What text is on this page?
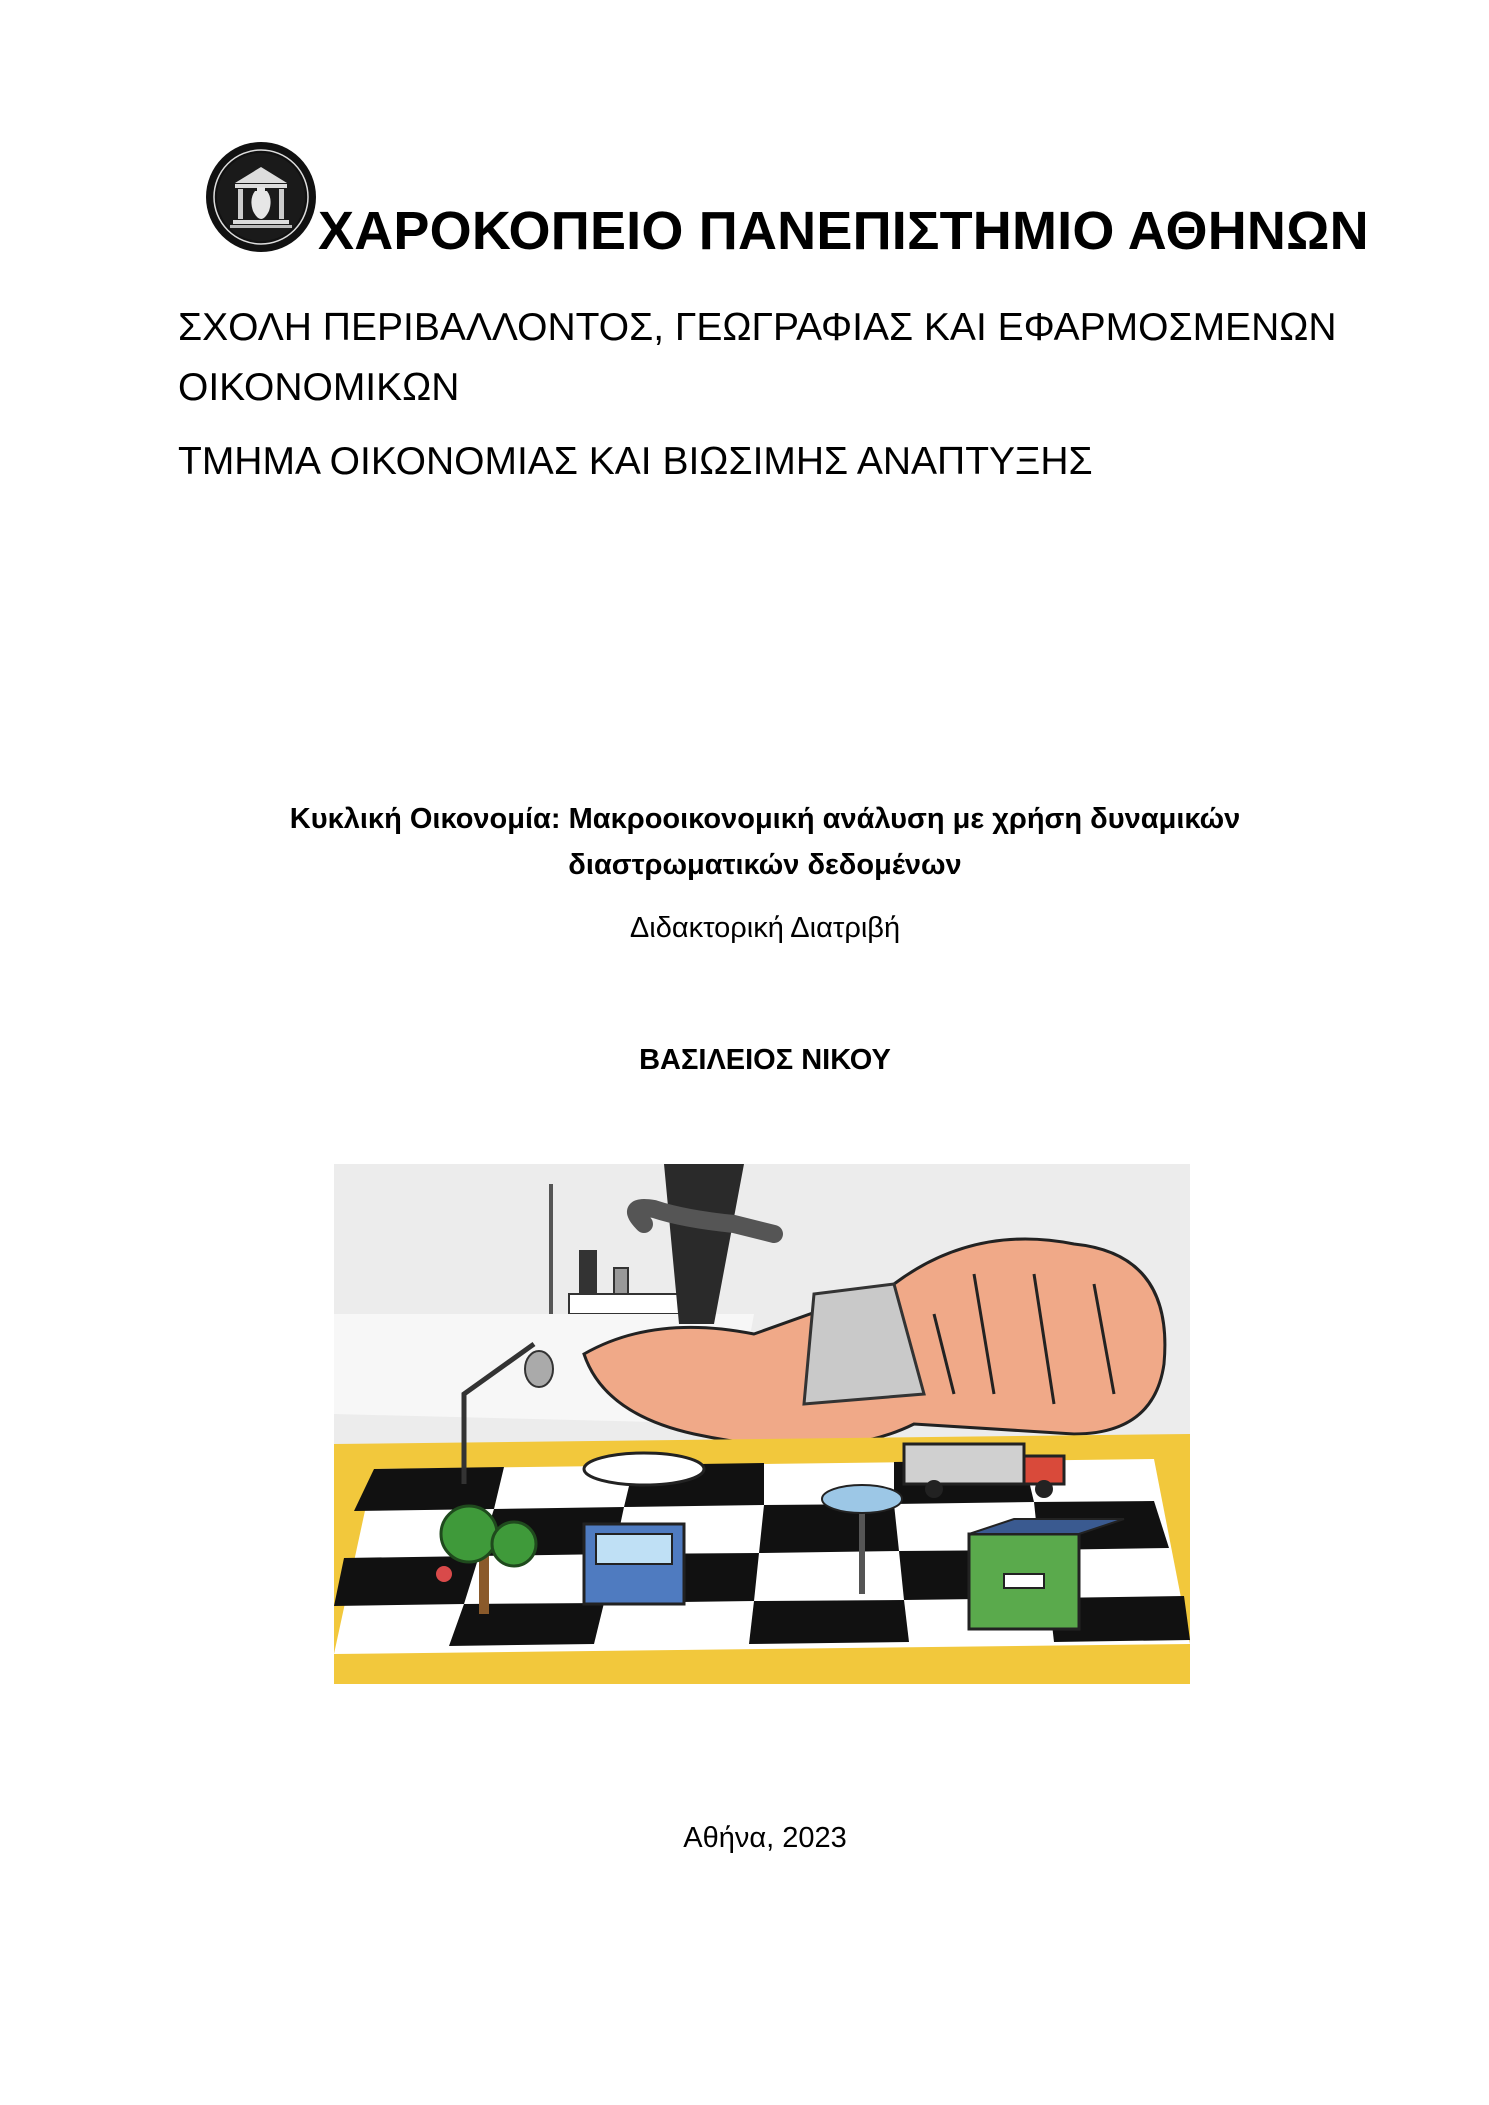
ΧΑΡΟΚΟΠΕΙΟ ΠΑΝΕΠΙΣΤΗΜΙΟ ΑΘΗΝΩΝ
ΣΧΟΛΗ ΠΕΡΙΒΑΛΛΟΝΤΟΣ, ΓΕΩΓΡΑΦΙΑΣ ΚΑΙ ΕΦΑΡΜΟΣΜΕΝΩΝ
ΟΙΚΟΝΟΜΙΚΩΝ
ΤΜΗΜΑ ΟΙΚΟΝΟΜΙΑΣ ΚΑΙ ΒΙΩΣΙΜΗΣ ΑΝΑΠΤΥΞΗΣ
Κυκλική Οικονομία: Μακροοικονομική ανάλυση με χρήση δυναμικών
διαστρωματικών δεδομένων
Διδακτορική Διατριβή
ΒΑΣΙΛΕΙΟΣ ΝΙΚΟΥ
Αθήνα, 2023
